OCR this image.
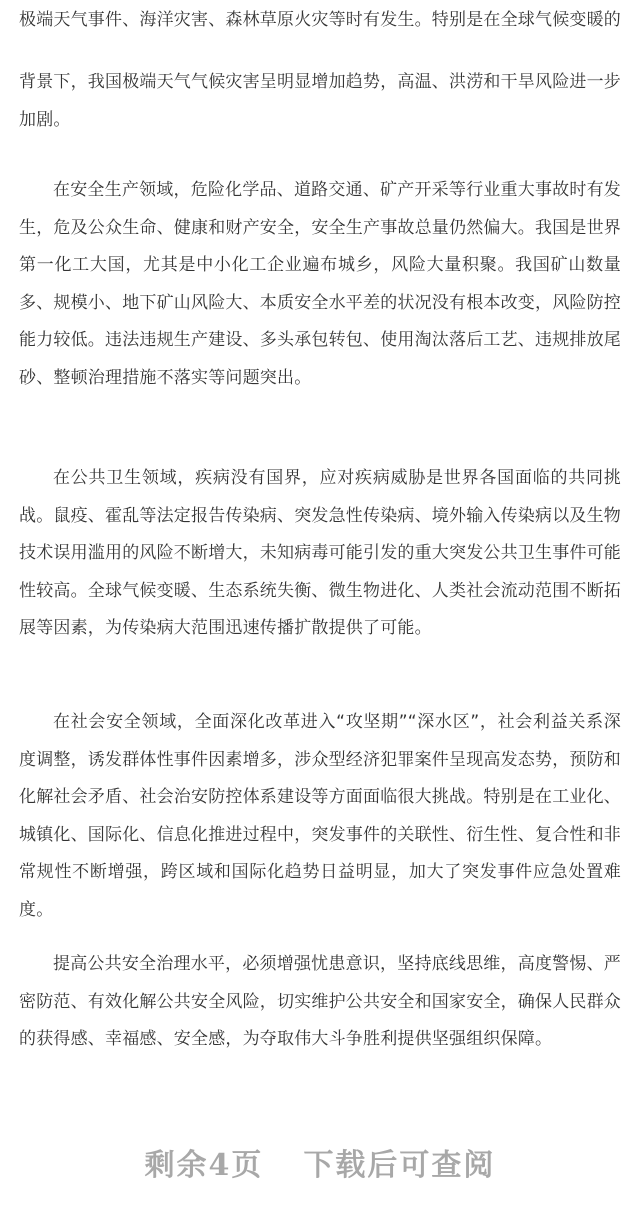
极端天气事件、海洋灾害、森林草原火灾等时有发生。特别是在全球气候变暖的

背景下，我国极端天气气候灾害呈明显增加趋势，高温、洪涝和干旱风险进一步加剧。

在安全生产领域，危险化学品、道路交通、矿产开采等行业重大事故时有发生，危及公众生命、健康和财产安全，安全生产事故总量仍然偏大。我国是世界第一化工大国，尤其是中小化工企业遍布城乡，风险大量积聚。我国矿山数量多、规模小、地下矿山风险大、本质安全水平差的状况没有根本改变，风险防控能力较低。违法违规生产建设、多头承包转包、使用淘汰落后工艺、违规排放尾砂、整顿治理措施不落实等问题突出。

在公共卫生领域，疾病没有国界，应对疾病威胁是世界各国面临的共同挑战。鼠疫、霍乱等法定报告传染病、突发急性传染病、境外输入传染病以及生物技术误用滥用的风险不断增大，未知病毒可能引发的重大突发公共卫生事件可能性较高。全球气候变暖、生态系统失衡、微生物进化、人类社会流动范围不断拓展等因素，为传染病大范围迅速传播扩散提供了可能。

在社会安全领域，全面深化改革进入“攻坚期”“深水区”，社会利益关系深度调整，诱发群体性事件因素增多，涉众型经济犯罪案件呈现高发态势，预防和化解社会矛盾、社会治安防控体系建设等方面面临很大挑战。特别是在工业化、城镇化、国际化、信息化推进过程中，突发事件的关联性、衍生性、复合性和非常规性不断增强，跨区域和国际化趋势日益明显，加大了突发事件应急处置难度。

提高公共安全治理水平，必须增强忧患意识，坚持底线思维，高度警惕、严密防范、有效化解公共安全风险，切实维护公共安全和国家安全，确保人民群众的获得感、幸福感、安全感，为夺取伟大斗争胜利提供坚强组织保障。

剩余4页 下载后可查阅
